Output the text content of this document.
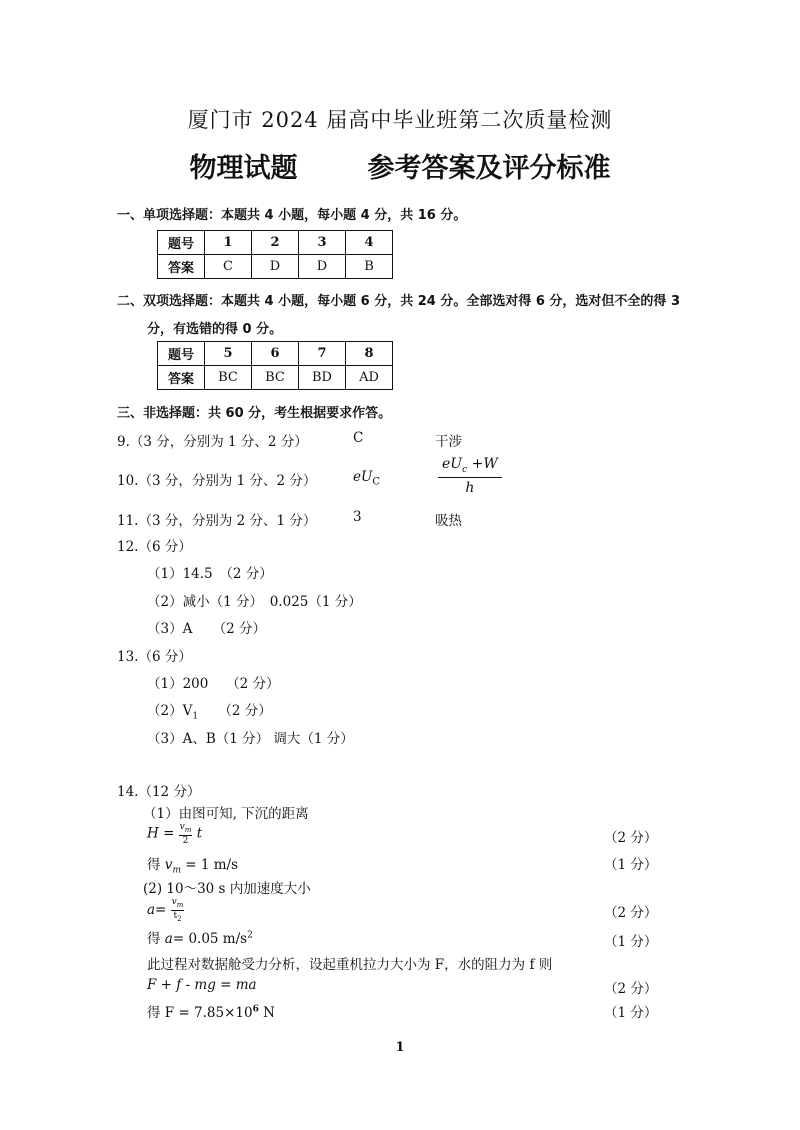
厦门市 2024 届高中毕业班第二次质量检测
物理试题	参考答案及评分标准
一、单项选择题：本题共 4 小题，每小题 4 分，共 16 分。
题号	1	2	3	4
答案	C	D	D	B
二、双项选择题：本题共 4 小题，每小题 6 分，共 24 分。全部选对得 6 分，选对但不全的得 3
分，有选错的得 0 分。
题号	5	6	7	8
答案	BC	BC	BD	AD
三、非选择题：共 60 分，考生根据要求作答。
9.（3 分，分别为 1 分、2 分）	C	干涉
10.（3 分，分别为 1 分、2 分）	$eU_C$
$eU_c +W$
h
11.（3 分，分别为 2 分、1 分）	3	吸热
12.（6 分）
（1）14.5　（2 分）
（2）减小（1 分）　0.025（1 分）
（3）A　　（2 分）
13.（6 分）
（1）200　 （2 分）
$(2)V_1$　　（2 分）
（3）A、B（1 分） 调大（1 分）
14.（12 分）
（1）由图可知, 下沉的距离
$H = \frac{v_m}{2}$ t	（2 分）
得 $v_m = 1$ m/s	（1 分）
(2) 10～30 s 内加速度大小
$a= \frac{v_m}{t_2}$	（2 分）
得 a= 0.05 $m/s^2$	（1 分）
此过程对数据舱受力分析，设起重机拉力大小为 F，水的阻力为 f 则
F + f - mg = ma	（2 分）
得 $F = 7.85\times 10^6$ N	（1 分）
1
